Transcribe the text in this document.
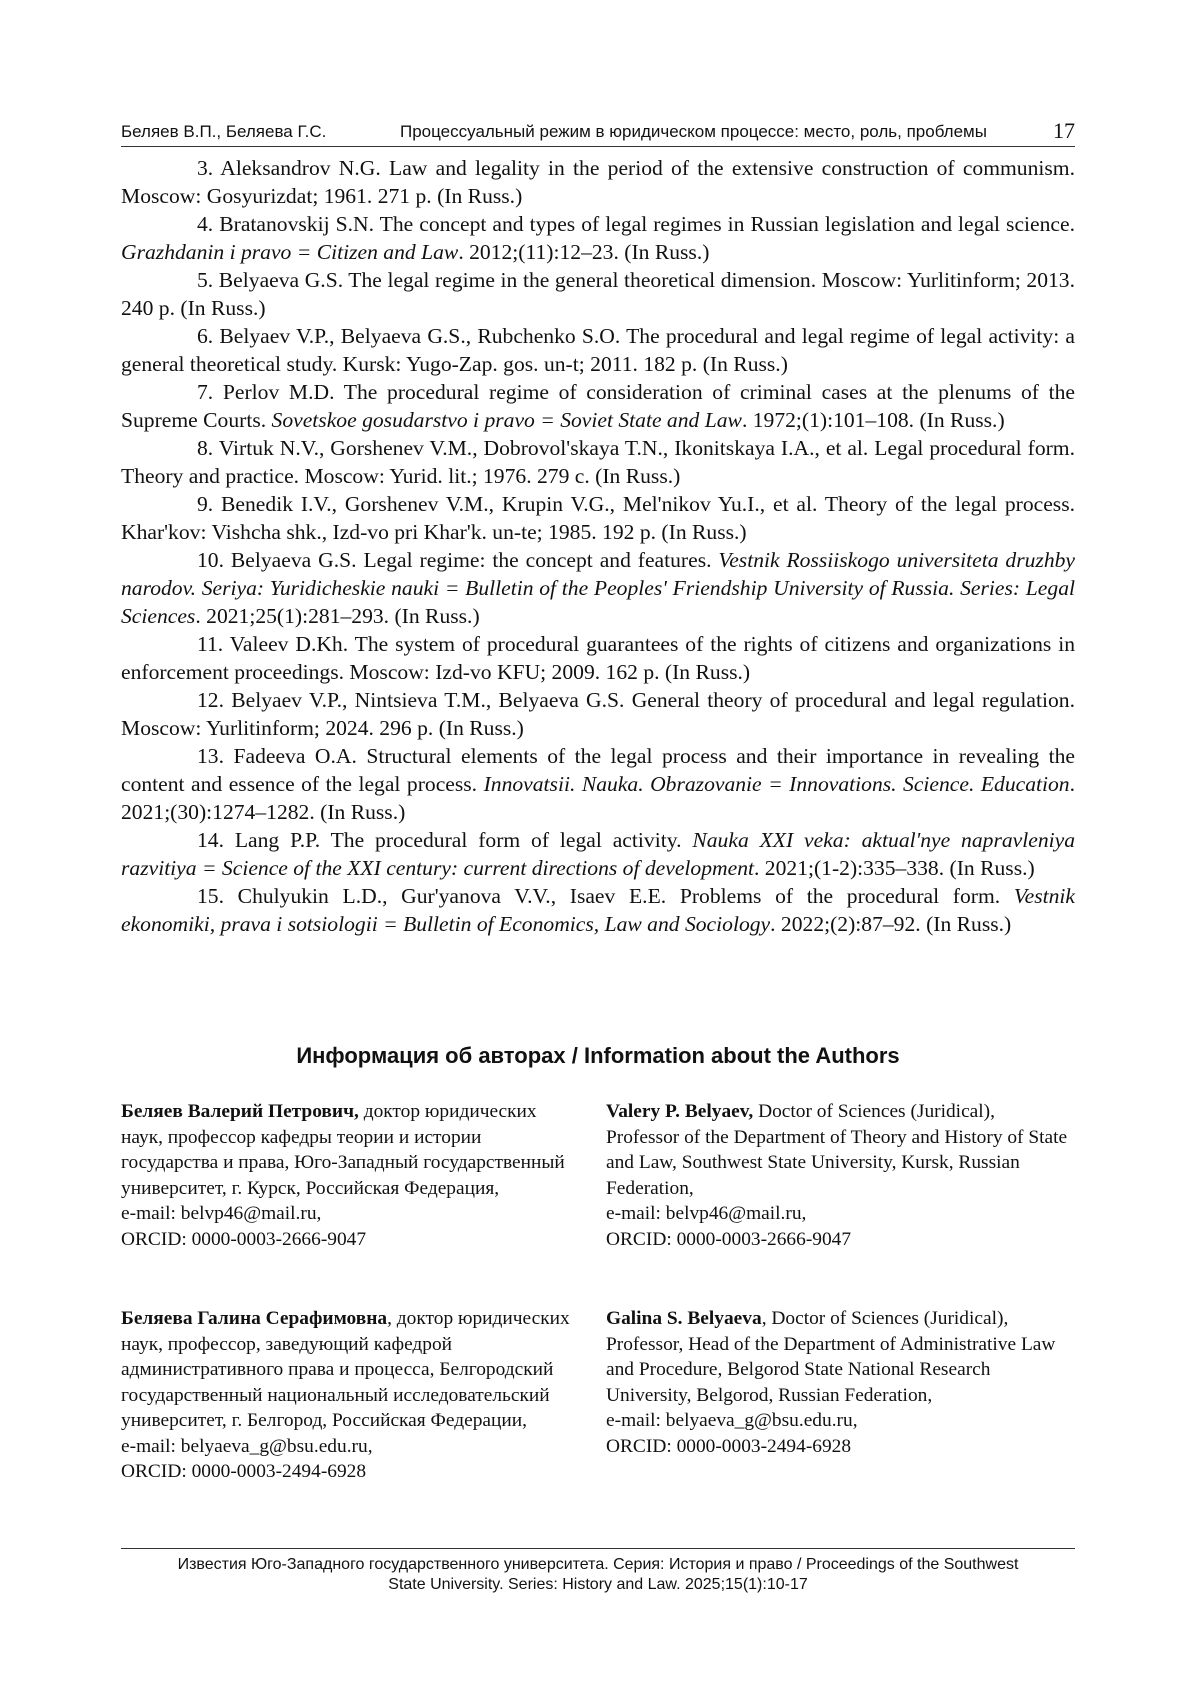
Беляев В.П., Беляева Г.С.	Процессуальный режим в юридическом процессе: место, роль, проблемы	17
3. Aleksandrov N.G. Law and legality in the period of the extensive construction of communism. Moscow: Gosyurizdat; 1961. 271 p. (In Russ.)
4. Bratanovskij S.N. The concept and types of legal regimes in Russian legislation and legal science. Grazhdanin i pravo = Citizen and Law. 2012;(11):12–23. (In Russ.)
5. Belyaeva G.S. The legal regime in the general theoretical dimension. Moscow: Yurlitinform; 2013. 240 p. (In Russ.)
6. Belyaev V.P., Belyaeva G.S., Rubchenko S.O. The procedural and legal regime of legal activity: a general theoretical study. Kursk: Yugo-Zap. gos. un-t; 2011. 182 p. (In Russ.)
7. Perlov M.D. The procedural regime of consideration of criminal cases at the plenums of the Supreme Courts. Sovetskoe gosudarstvo i pravo = Soviet State and Law. 1972;(1):101–108. (In Russ.)
8. Virtuk N.V., Gorshenev V.M., Dobrovol'skaya T.N., Ikonitskaya I.A., et al. Legal procedural form. Theory and practice. Moscow: Yurid. lit.; 1976. 279 c. (In Russ.)
9. Benedik I.V., Gorshenev V.M., Krupin V.G., Mel'nikov Yu.I., et al. Theory of the legal process. Khar'kov: Vishcha shk., Izd-vo pri Khar'k. un-te; 1985. 192 p. (In Russ.)
10. Belyaeva G.S. Legal regime: the concept and features. Vestnik Rossiiskogo universiteta druzhby narodov. Seriya: Yuridicheskie nauki = Bulletin of the Peoples' Friendship University of Russia. Series: Legal Sciences. 2021;25(1):281–293. (In Russ.)
11. Valeev D.Kh. The system of procedural guarantees of the rights of citizens and organizations in enforcement proceedings. Moscow: Izd-vo KFU; 2009. 162 p. (In Russ.)
12. Belyaev V.P., Nintsieva T.M., Belyaeva G.S. General theory of procedural and legal regulation. Moscow: Yurlitinform; 2024. 296 p. (In Russ.)
13. Fadeeva O.A. Structural elements of the legal process and their importance in revealing the content and essence of the legal process. Innovatsii. Nauka. Obrazovanie = Innovations. Science. Education. 2021;(30):1274–1282. (In Russ.)
14. Lang P.P. The procedural form of legal activity. Nauka XXI veka: aktual'nye napravleniya razvitiya = Science of the XXI century: current directions of development. 2021;(1-2):335–338. (In Russ.)
15. Chulyukin L.D., Gur'yanova V.V., Isaev E.E. Problems of the procedural form. Vestnik ekonomiki, prava i sotsiologii = Bulletin of Economics, Law and Sociology. 2022;(2):87–92. (In Russ.)
Информация об авторах / Information about the Authors
Беляев Валерий Петрович, доктор юридических наук, профессор кафедры теории и истории государства и права, Юго-Западный государственный университет, г. Курск, Российская Федерация,
e-mail: belvp46@mail.ru,
ORCID: 0000-0003-2666-9047
Valery P. Belyaev, Doctor of Sciences (Juridical), Professor of the Department of Theory and History of State and Law, Southwest State University, Kursk, Russian Federation,
e-mail: belvp46@mail.ru,
ORCID: 0000-0003-2666-9047
Беляева Галина Серафимовна, доктор юридических наук, профессор, заведующий кафедрой административного права и процесса, Белгородский государственный национальный исследовательский университет, г. Белгород, Российская Федерации,
e-mail: belyaeva_g@bsu.edu.ru,
ORCID: 0000-0003-2494-6928
Galina S. Belyaeva, Doctor of Sciences (Juridical), Professor, Head of the Department of Administrative Law and Procedure, Belgorod State National Research University, Belgorod, Russian Federation,
e-mail: belyaeva_g@bsu.edu.ru,
ORCID: 0000-0003-2494-6928
Известия Юго-Западного государственного университета. Серия: История и право / Proceedings of the Southwest
State University. Series: History and Law. 2025;15(1):10-17
